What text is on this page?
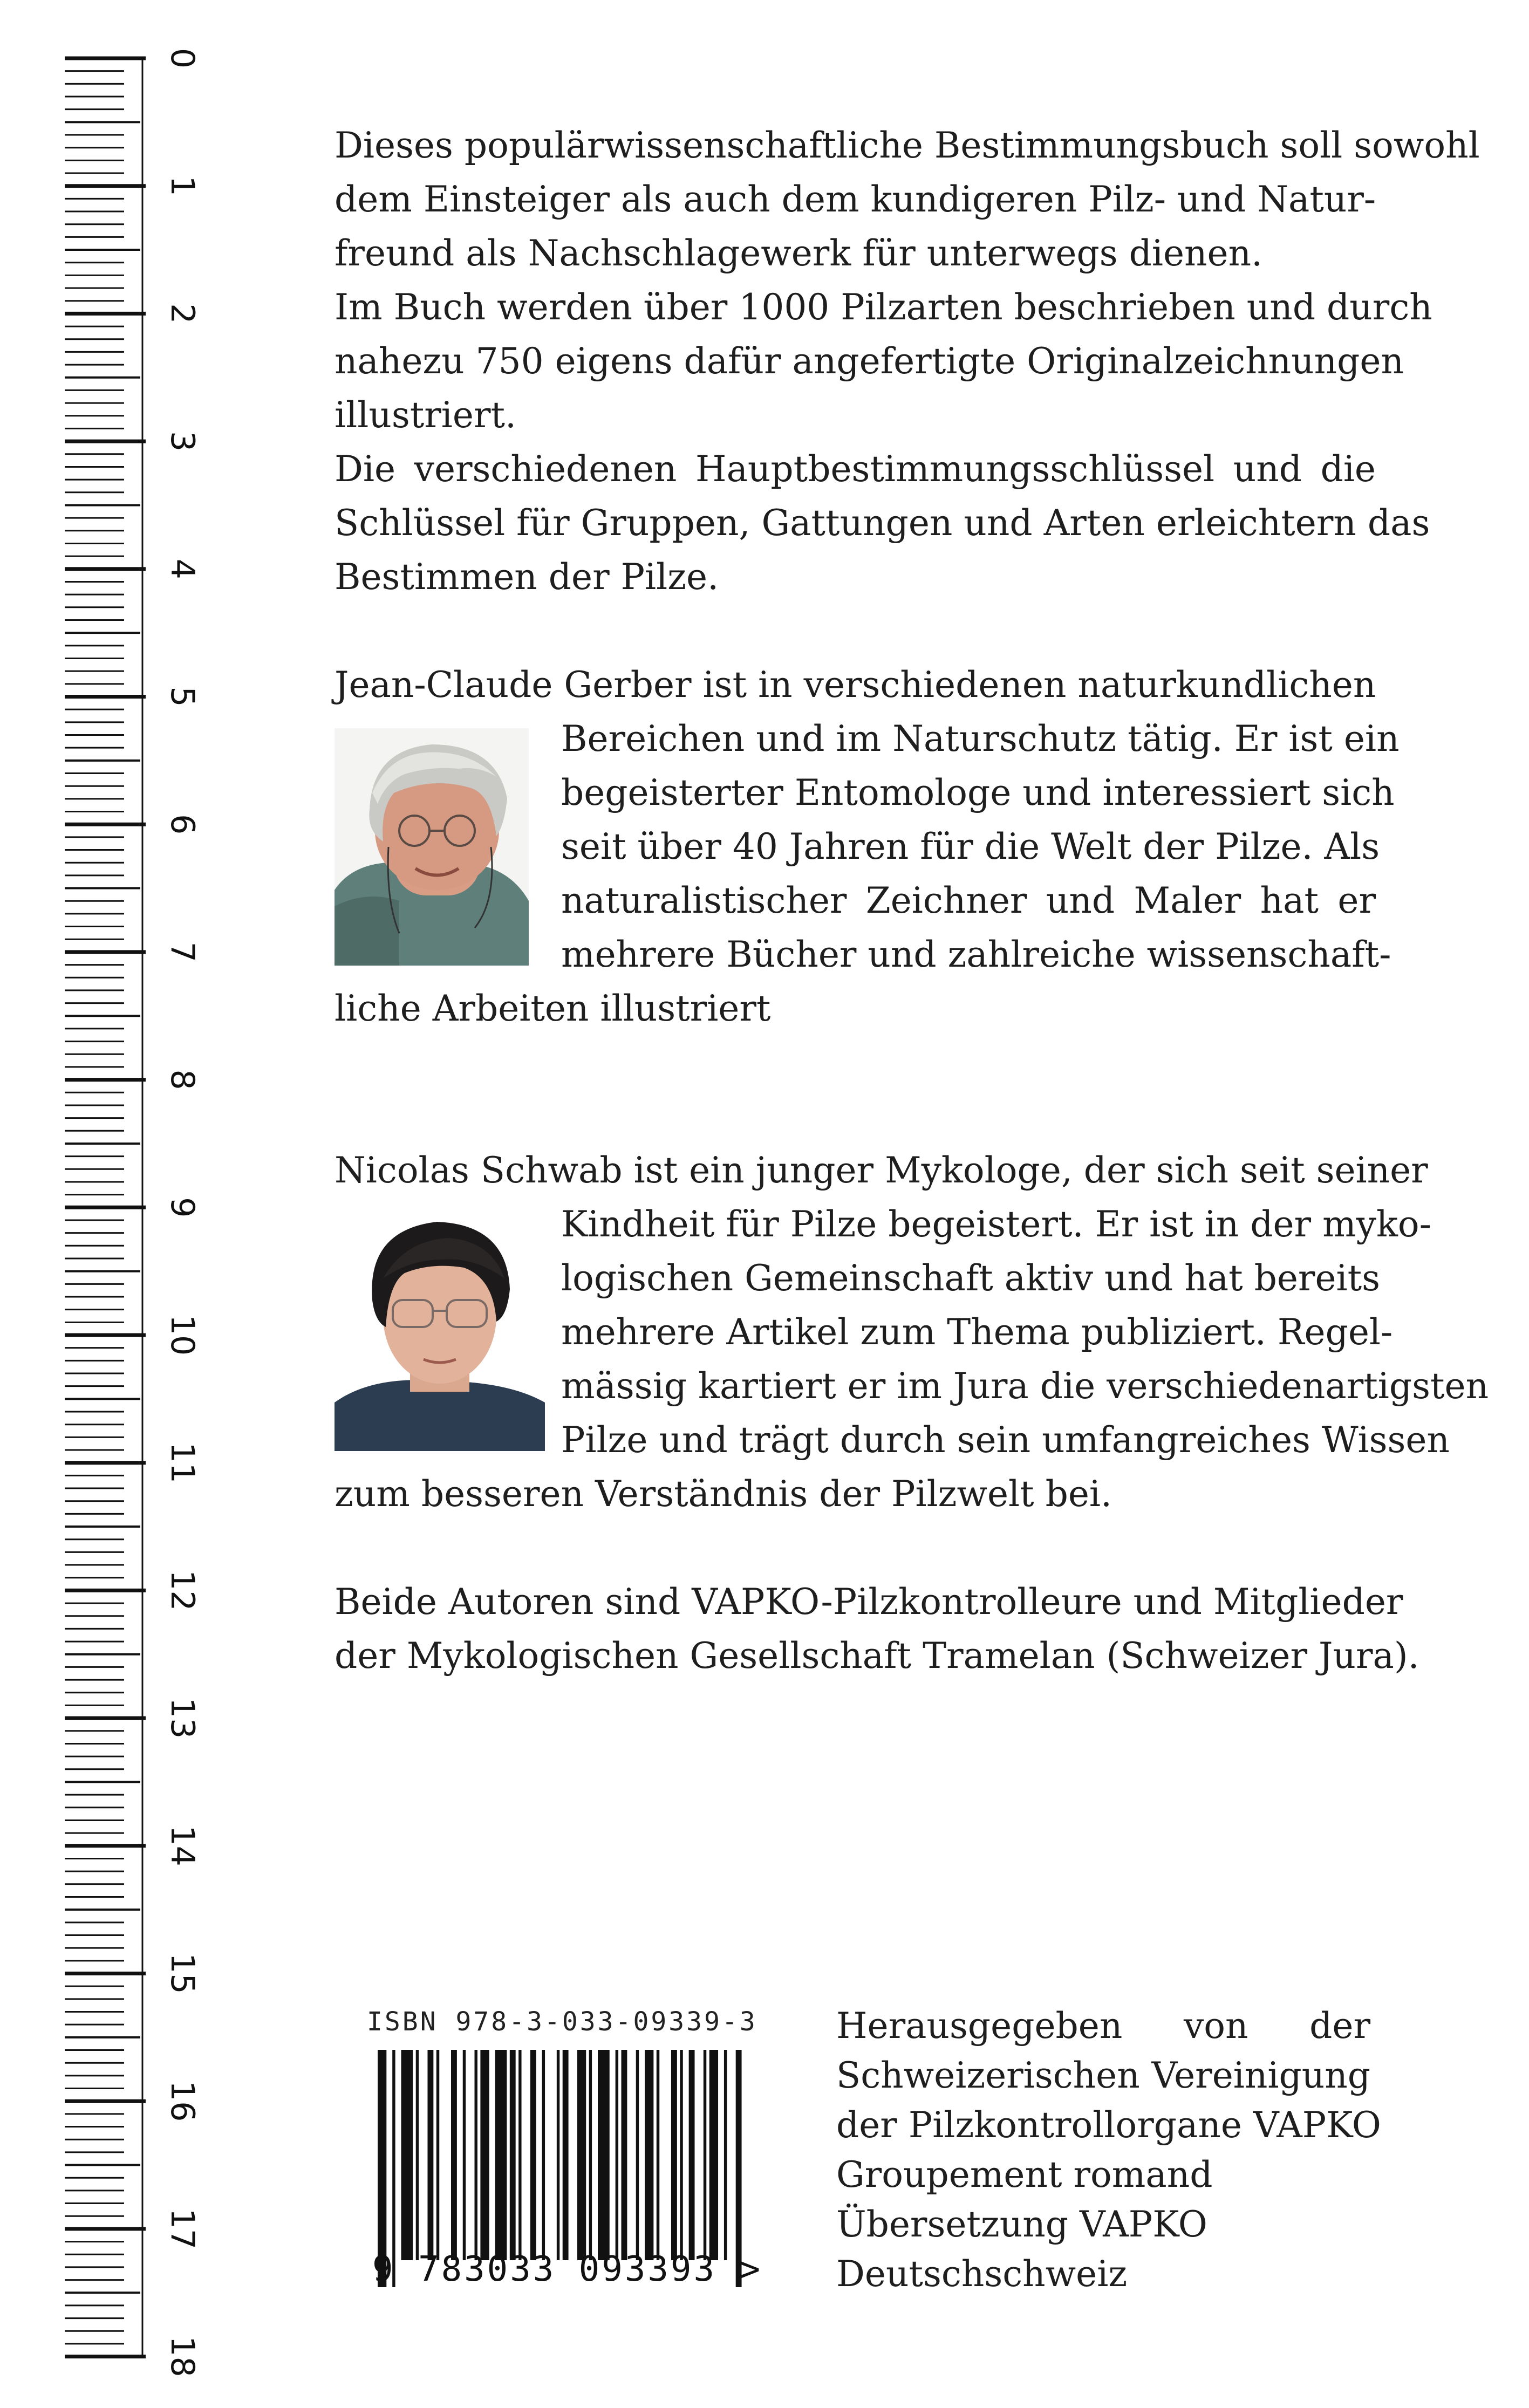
0
1
2
3
4
5
6
7
8
9
10
11
12
13
14
15
16
17
18
Dieses populärwissenschaftliche Bestimmungsbuch soll sowohl
dem Einsteiger als auch dem kundigeren Pilz- und Natur-
freund als Nachschlagewerk für unterwegs dienen.
Im Buch werden über 1000 Pilzarten beschrieben und durch
nahezu 750 eigens dafür angefertigte Originalzeichnungen
illustriert.
Die verschiedenen Hauptbestimmungsschlüssel und die
Schlüssel für Gruppen, Gattungen und Arten erleichtern das
Bestimmen der Pilze.
Jean-Claude Gerber ist in verschiedenen naturkundlichen
Bereichen und im Naturschutz tätig. Er ist ein
begeisterter Entomologe und interessiert sich
seit über 40 Jahren für die Welt der Pilze. Als
naturalistischer Zeichner und Maler hat er
mehrere Bücher und zahlreiche wissenschaft-
liche Arbeiten illustriert
Nicolas Schwab ist ein junger Mykologe, der sich seit seiner
Kindheit für Pilze begeistert. Er ist in der myko-
logischen Gemeinschaft aktiv und hat bereits
mehrere Artikel zum Thema publiziert. Regel-
mässig kartiert er im Jura die verschiedenartigsten
Pilze und trägt durch sein umfangreiches Wissen
zum besseren Verständnis der Pilzwelt bei.
Beide Autoren sind VAPKO-Pilzkontrolleure und Mitglieder
der Mykologischen Gesellschaft Tramelan (Schweizer Jura).
ISBN 978-3-033-09339-3
9 783033 093393 >
Herausgegeben von der
Schweizerischen Vereinigung
der Pilzkontrollorgane VAPKO
Groupement romand
Übersetzung VAPKO
Deutschschweiz
